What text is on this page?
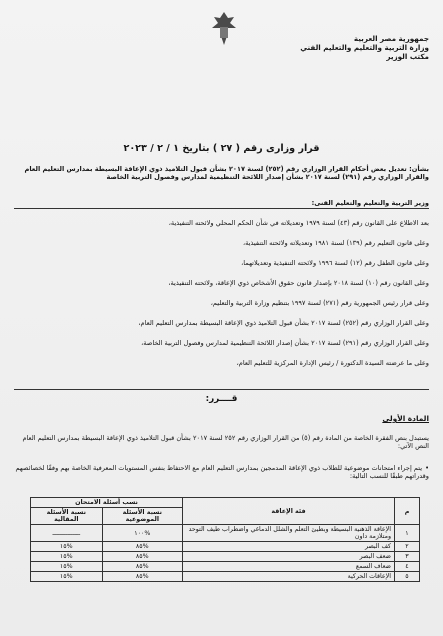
جمهورية مصر العربية
وزارة التربية والتعليم والتعليم الفني
مكتب الوزير
قرار وزارى رقم ( ٢٧ ) بتاريخ ١ / ٢ / ٢٠٢٣
بشأن: تعديل بعض أحكام القرار الوزاري رقم (٢٥٢) لسنة ٢٠١٧ بشأن قبول التلاميذ ذوي الإعاقة البسيطة بمدارس التعليم العام والقرار الوزاري رقم (٢٩١) لسنة ٢٠١٧ بشأن إصدار اللائحة التنظيمية لمدارس وفصول التربية الخاصة
وزير التربية والتعليم والتعليم الفنى:
بعد الاطلاع على القانون رقم (٤٣) لسنة ١٩٧٩ وتعديلاته في شأن الحكم المحلي ولائحته التنفيذية،
وعلى قانون التعليم رقم (١٣٩) لسنة ١٩٨١ وتعديلاته ولائحته التنفيذية،
وعلى قانون الطفل رقم (١٢) لسنة ١٩٩٦ ولائحته التنفيذية وتعديلاتهما،
وعلى القانون رقم (١٠) لسنة ٢٠١٨ بإصدار قانون حقوق الأشخاص ذوي الإعاقة، ولائحته التنفيذية،
وعلى قرار رئيس الجمهورية رقم (٢٧١) لسنة ١٩٩٧ بتنظيم وزارة التربية والتعليم،
وعلى القرار الوزاري رقم (٢٥٢) لسنة ٢٠١٧ بشأن قبول التلاميذ ذوي الإعاقة البسيطة بمدارس التعليم العام،
وعلى القرار الوزاري رقم (٢٩١) لسنة ٢٠١٧ بشأن إصدار اللائحة التنظيمية لمدارس وفصول التربية الخاصة،
وعلى ما عرضته السيدة الدكتورة / رئيس الإدارة المركزية للتعليم العام،
قــــرر:
المادة الأولى
يستبدل بنص الفقرة الخاصة من المادة رقم (٥) من القرار الوزاري رقم ٢٥٢ لسنة ٢٠١٧ بشأن قبول التلاميذ ذوي الإعاقة البسيطة بمدارس التعليم العام النص الآتي:
•يتم إجراء امتحانات موضوعية للطلاب ذوي الإعاقة المدمجين بمدارس التعليم العام مع الاحتفاظ بنفس المستويات المعرفية الخاصة بهم وفقًا لخصائصهم وقدراتهم طبقًا للنسب التالية:
م	فئة الإعاقة	نسب أسئلة الامتحان	
		نسبة الأسئلة الموضوعية	نسبة الأسئلة المقالية
١	الإعاقة الذهنية البسيطة وبطيئ التعلم والشلل الدماغي واضطراب طيف التوحد ومتلازمة داون	%١٠٠	ـــــــــــــــ
٢	كف البصر	%٨٥	%١٥
٣	ضعف البصر	%٨٥	%١٥
٤	ضعاف السمع	%٨٥	%١٥
٥	الإعاقات الحركية	%٨٥	%١٥
